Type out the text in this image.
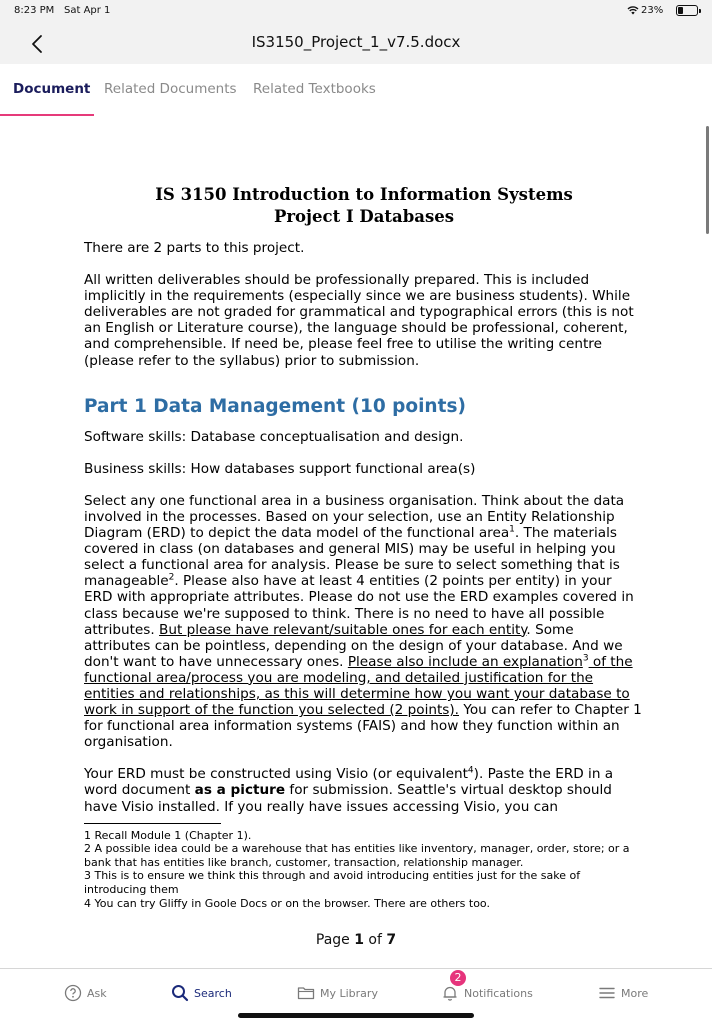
8:23 PM Sat Apr 1	23%
IS3150_Project_1_v7.5.docx
Document Related Documents Related Textbooks
IS 3150 Introduction to Information Systems
Project I Databases

There are 2 parts to this project.

All written deliverables should be professionally prepared. This is included implicitly in the requirements (especially since we are business students). While deliverables are not graded for grammatical and typographical errors (this is not an English or Literature course), the language should be professional, coherent, and comprehensible. If need be, please feel free to utilise the writing centre (please refer to the syllabus) prior to submission.

Part 1 Data Management (10 points)

Software skills: Database conceptualisation and design.

Business skills: How databases support functional area(s)

Select any one functional area in a business organisation. Think about the data involved in the processes. Based on your selection, use an Entity Relationship Diagram (ERD) to depict the data model of the functional area$^1$. The materials covered in class (on databases and general MIS) may be useful in helping you select a functional area for analysis. Please be sure to select something that is manageable$^2$. Please also have at least 4 entities (2 points per entity) in your ERD with appropriate attributes. Please do not use the ERD examples covered in class because we're supposed to think. There is no need to have all possible attributes. But please have relevant/suitable ones for each entity. Some attributes can be pointless, depending on the design of your database. And we don't want to have unnecessary ones. Please also include an explanation$^3$ of the functional area/process you are modeling, and detailed justification for the entities and relationships, as this will determine how you want your database to work in support of the function you selected (2 points). You can refer to Chapter 1 for functional area information systems (FAIS) and how they function within an organisation.

Your ERD must be constructed using Visio (or equivalent$^4$). Paste the ERD in a word document as a picture for submission. Seattle's virtual desktop should have Visio installed. If you really have issues accessing Visio, you can

1 Recall Module 1 (Chapter 1).
2 A possible idea could be a warehouse that has entities like inventory, manager, order, store; or a bank that has entities like branch, customer, transaction, relationship manager.
3 This is to ensure we think this through and avoid introducing entities just for the sake of introducing them
4 You can try Gliffy in Goole Docs or on the browser. There are others too.
Page 1 of 7
Ask	Search	My Library	Notifications	More
2
